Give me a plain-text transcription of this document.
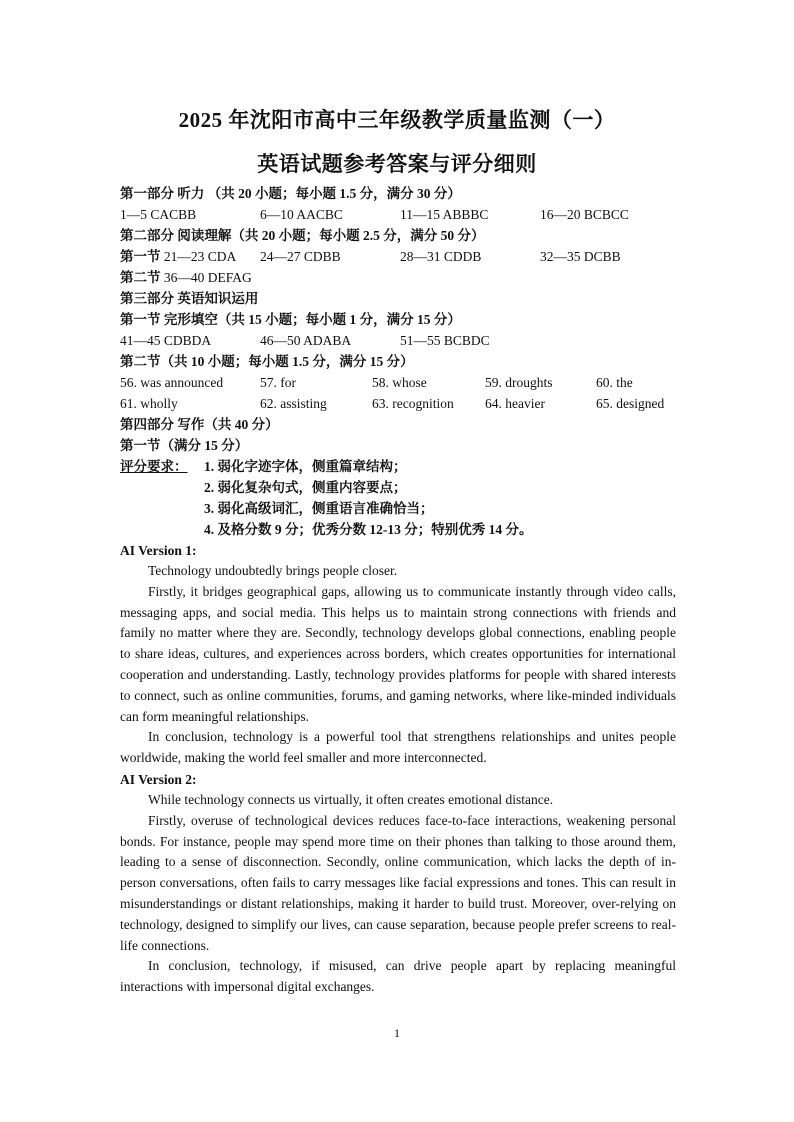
2025 年沈阳市高中三年级教学质量监测（一）
英语试题参考答案与评分细则
第一部分 听力 （共 20 小题；每小题 1.5 分，满分 30 分）
1—5 CACBB	6—10 AACBC	11—15 ABBBC	16—20 BCBCC
第二部分 阅读理解（共 20 小题；每小题 2.5 分，满分 50 分）
第一节 21—23 CDA 24—27 CDBB	28—31 CDDB	32—35 DCBB
第二节 36—40 DEFAG
第三部分 英语知识运用
第一节 完形填空（共 15 小题；每小题 1 分，满分 15 分）
41—45 CDBDA	46—50 ADABA	51—55 BCBDC
第二节（共 10 小题；每小题 1.5 分，满分 15 分）
56. was announced	57. for	58. whose	59. droughts	60. the
61. wholly	62. assisting	63. recognition 64. heavier	65. designed
第四部分 写作（共 40 分）
第一节（满分 15 分）
评分要求： 1. 弱化字迹字体，侧重篇章结构；
2. 弱化复杂句式，侧重内容要点；
3. 弱化高级词汇，侧重语言准确恰当；
4. 及格分数 9 分；优秀分数 12-13 分；特别优秀 14 分。
AI Version 1:

Technology undoubtedly brings people closer.

Firstly, it bridges geographical gaps, allowing us to communicate instantly through video calls, messaging apps, and social media. This helps us to maintain strong connections with friends and family no matter where they are. Secondly, technology develops global connections, enabling people to share ideas, cultures, and experiences across borders, which creates opportunities for international cooperation and understanding. Lastly, technology provides platforms for people with shared interests to connect, such as online communities, forums, and gaming networks, where like-minded individuals can form meaningful relationships.

In conclusion, technology is a powerful tool that strengthens relationships and unites people worldwide, making the world feel smaller and more interconnected.

AI Version 2:

While technology connects us virtually, it often creates emotional distance.

Firstly, overuse of technological devices reduces face-to-face interactions, weakening personal bonds. For instance, people may spend more time on their phones than talking to those around them, leading to a sense of disconnection. Secondly, online communication, which lacks the depth of in-person conversations, often fails to carry messages like facial expressions and tones. This can result in misunderstandings or distant relationships, making it harder to build trust. Moreover, over-relying on technology, designed to simplify our lives, can cause separation, because people prefer screens to real-life connections.

In conclusion, technology, if misused, can drive people apart by replacing meaningful interactions with impersonal digital exchanges.

1
